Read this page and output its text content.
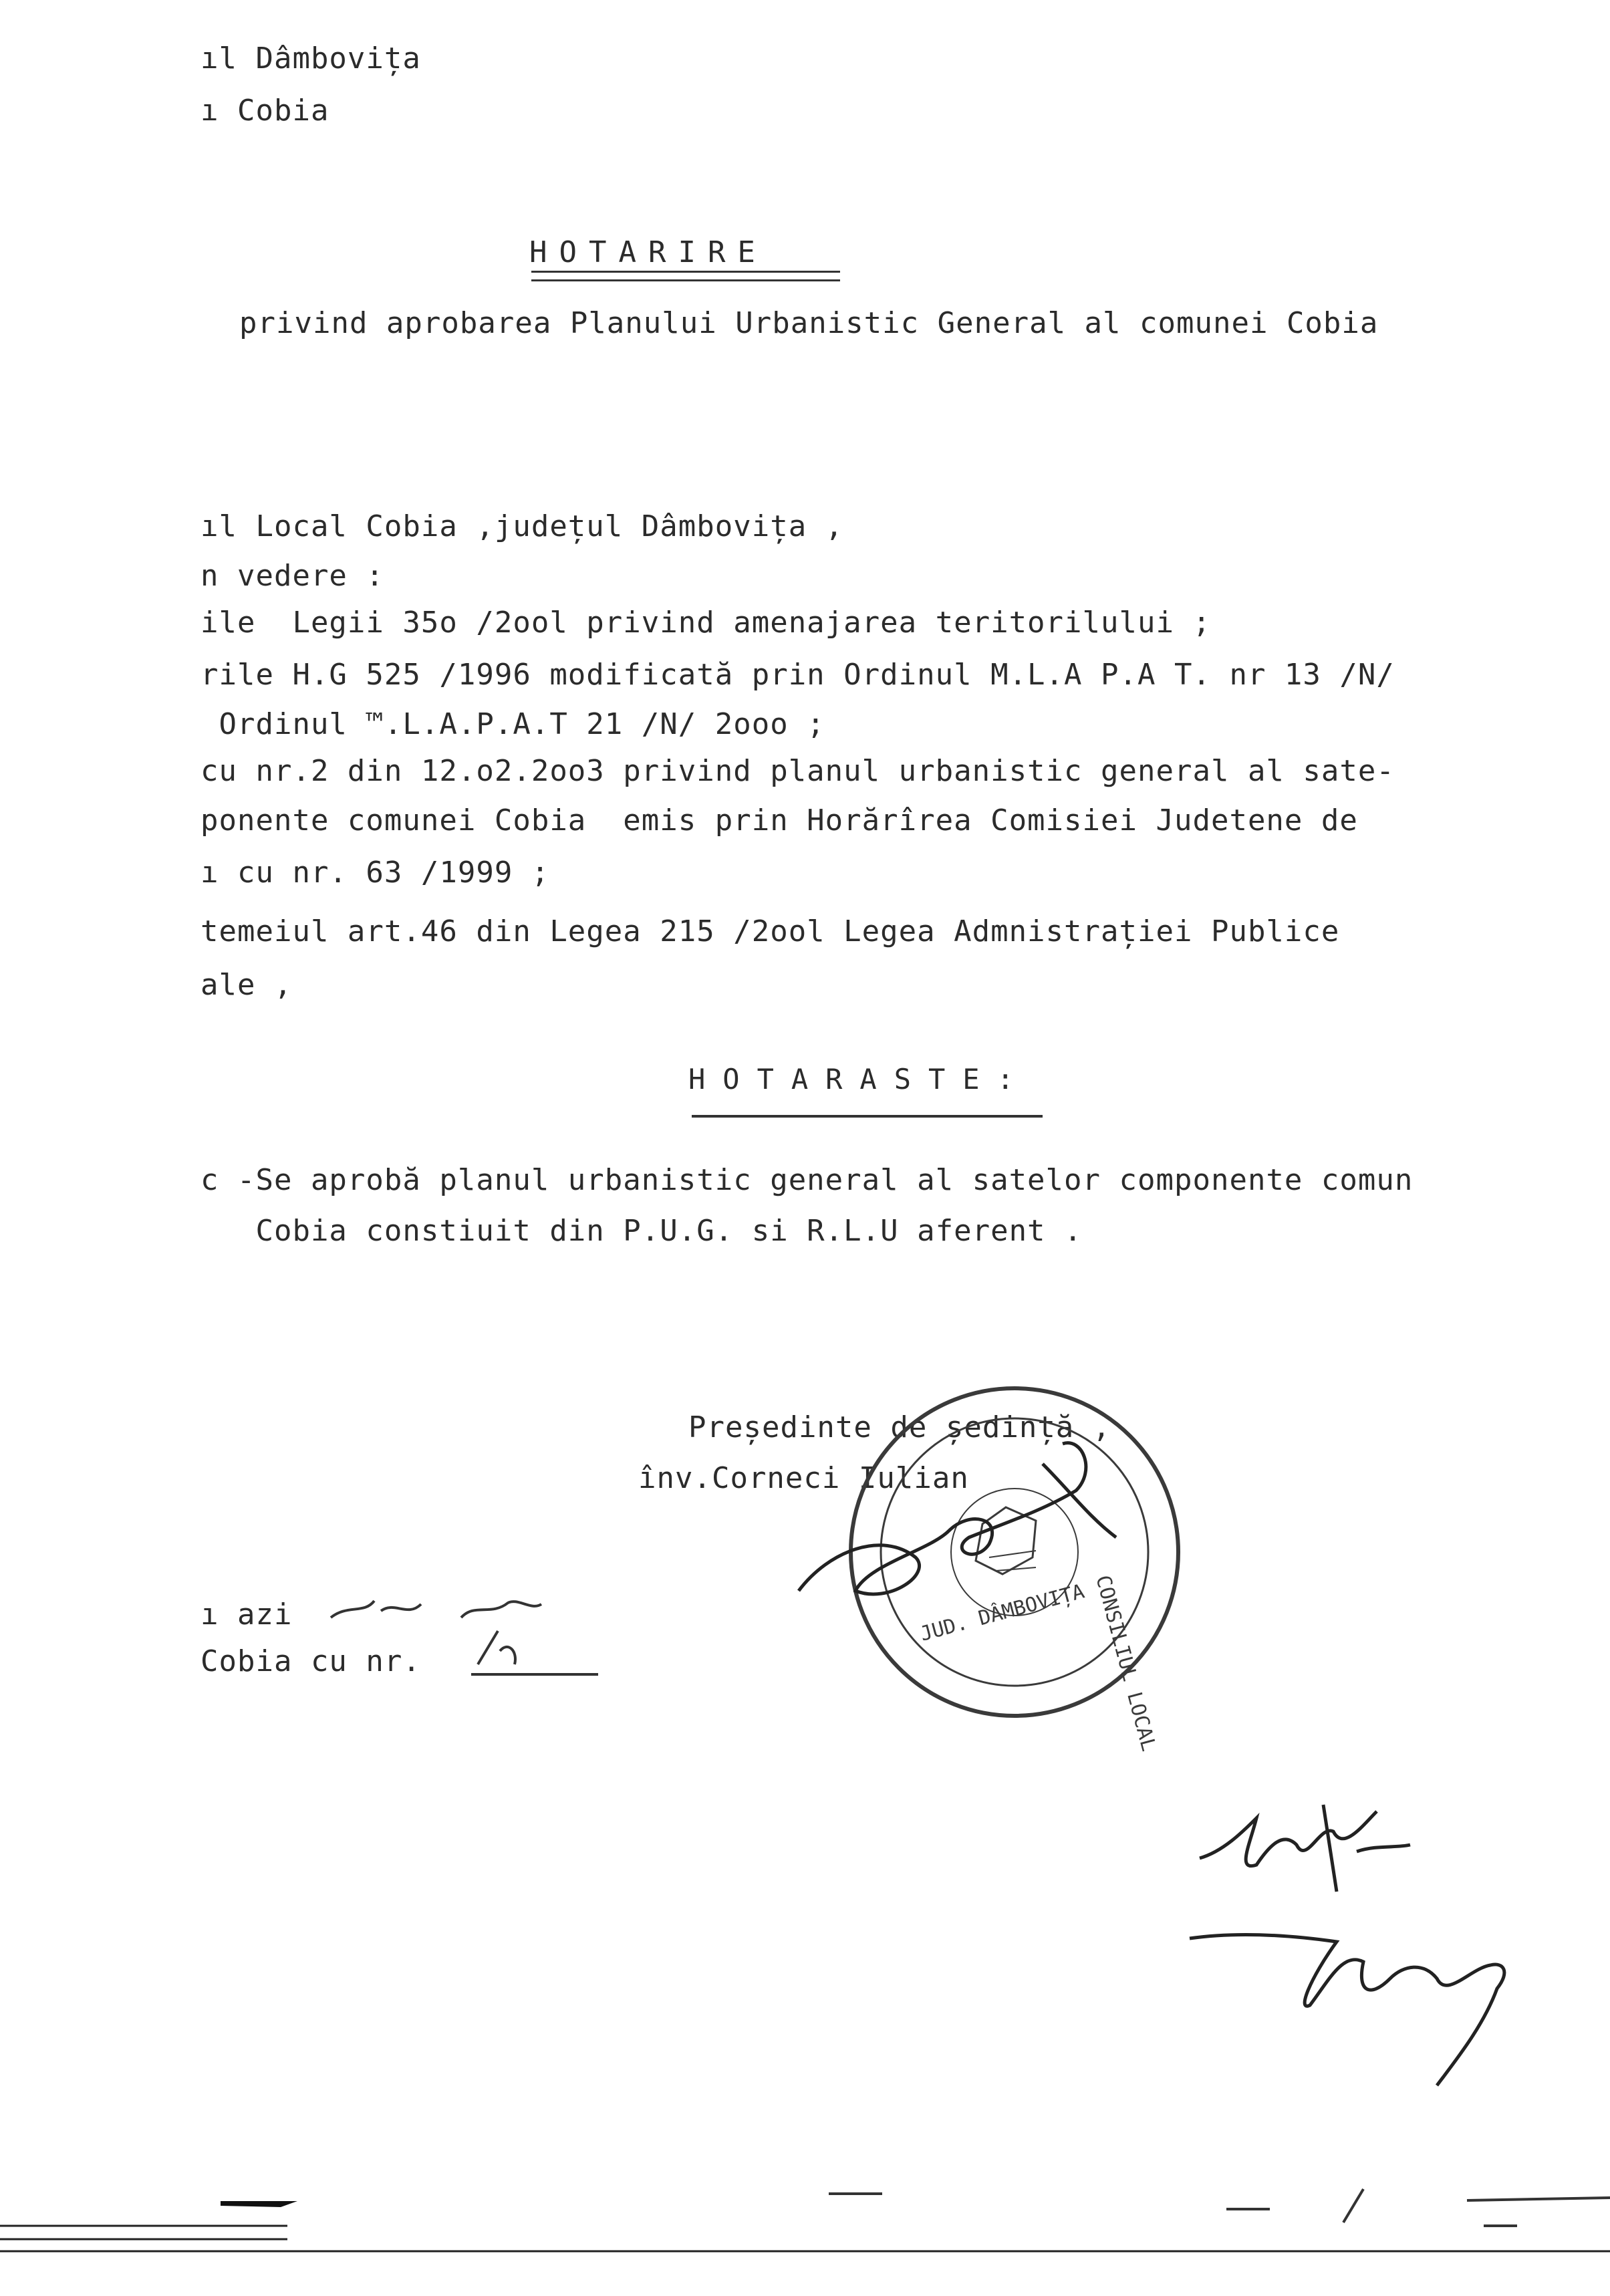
ıl Dâmbovița
ı Cobia
HOTARIRE
privind aprobarea Planului Urbanistic General al comunei Cobia
ıl Local Cobia ,județul Dâmbovița ,
n vedere :
ile  Legii 35o /2ool privind amenajarea teritorilului ;
rile H.G 525 /1996 modificată prin Ordinul M.L.A P.A T. nr 13 /N/
Ordinul ™.L.A.P.A.T 21 /N/ 2ooo ;
cu nr.2 din 12.o2.2oo3 privind planul urbanistic general al sate-
ponente comunei Cobia  emis prin Horărîrea Comisiei Judetene de
ı cu nr. 63 /1999 ;
temeiul art.46 din Legea 215 /2ool Legea Admnistrației Publice
ale ,
HOTARASTE:
c -Se aprobă planul urbanistic general al satelor componente comun
Cobia constiuit din P.U.G. si R.L.U aferent .
Președinte de ședință ,
înv.Corneci Iulian
ı azi
Cobia cu nr.
JUD. DÂMBOVIȚA CONSILIUL LOCAL
